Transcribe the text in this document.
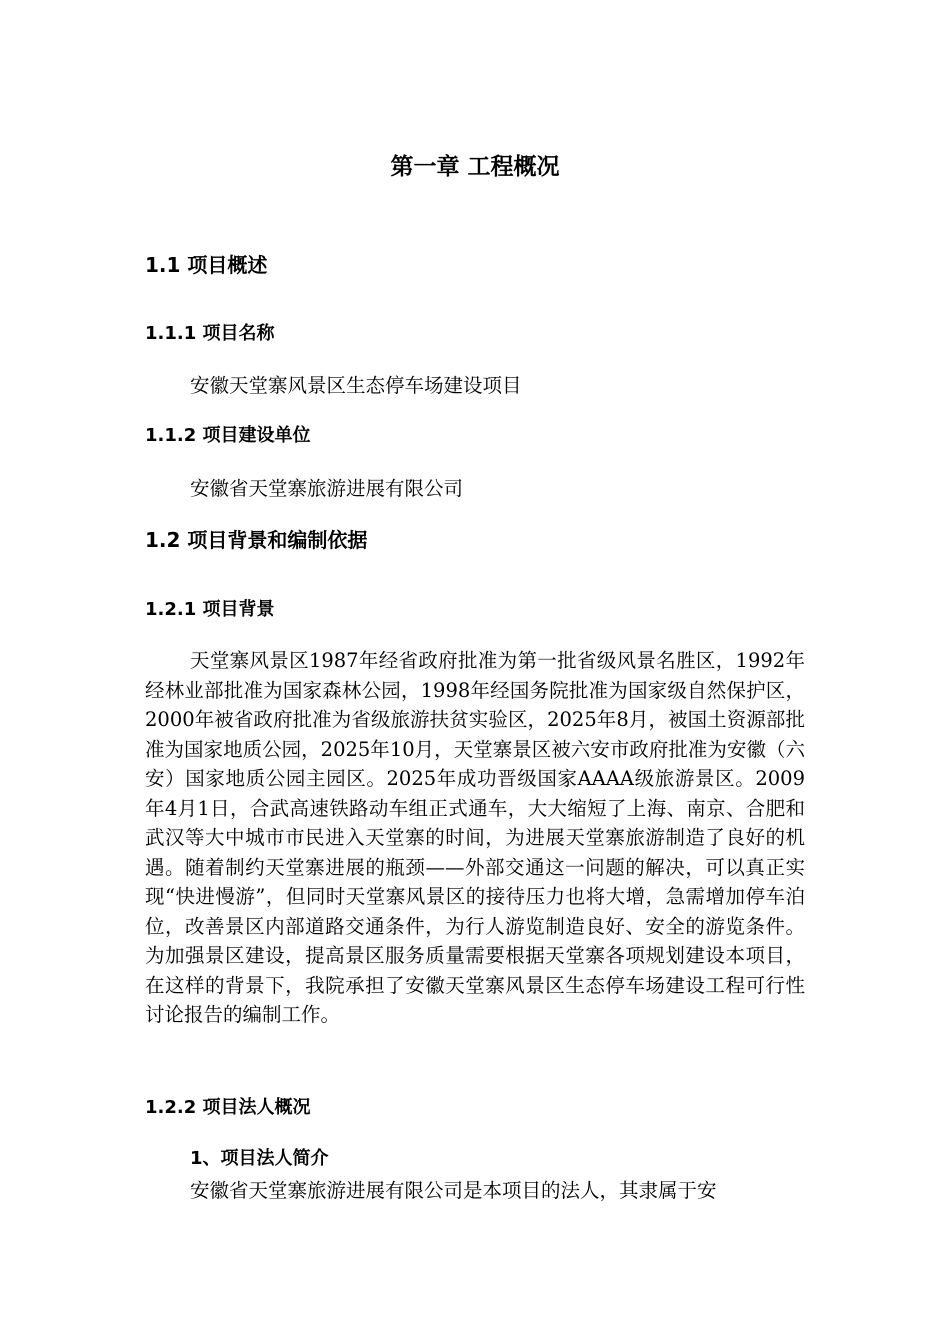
第一章 工程概况
1.1 项目概述
1.1.1 项目名称
安徽天堂寨风景区生态停车场建设项目
1.1.2 项目建设单位
安徽省天堂寨旅游进展有限公司
1.2 项目背景和编制依据
1.2.1 项目背景

天堂寨风景区1987年经省政府批准为第一批省级风景名胜区，1992年经林业部批准为国家森林公园，1998年经国务院批准为国家级自然保护区，2000年被省政府批准为省级旅游扶贫实验区，2025年8月，被国土资源部批准为国家地质公园，2025年10月，天堂寨景区被六安市政府批准为安徽（六安）国家地质公园主园区。2025年成功晋级国家AAAA级旅游景区。2009年4月1日，合武高速铁路动车组正式通车，大大缩短了上海、南京、合肥和武汉等大中城市市民进入天堂寨的时间，为进展天堂寨旅游制造了良好的机遇。随着制约天堂寨进展的瓶颈——外部交通这一问题的解决，可以真正实现“快进慢游”，但同时天堂寨风景区的接待压力也将大增，急需增加停车泊位，改善景区内部道路交通条件，为行人游览制造良好、安全的游览条件。为加强景区建设，提高景区服务质量需要根据天堂寨各项规划建设本项目，在这样的背景下，我院承担了安徽天堂寨风景区生态停车场建设工程可行性讨论报告的编制工作。

1.2.2 项目法人概况
1、项目法人简介

安徽省天堂寨旅游进展有限公司是本项目的法人，其隶属于安
